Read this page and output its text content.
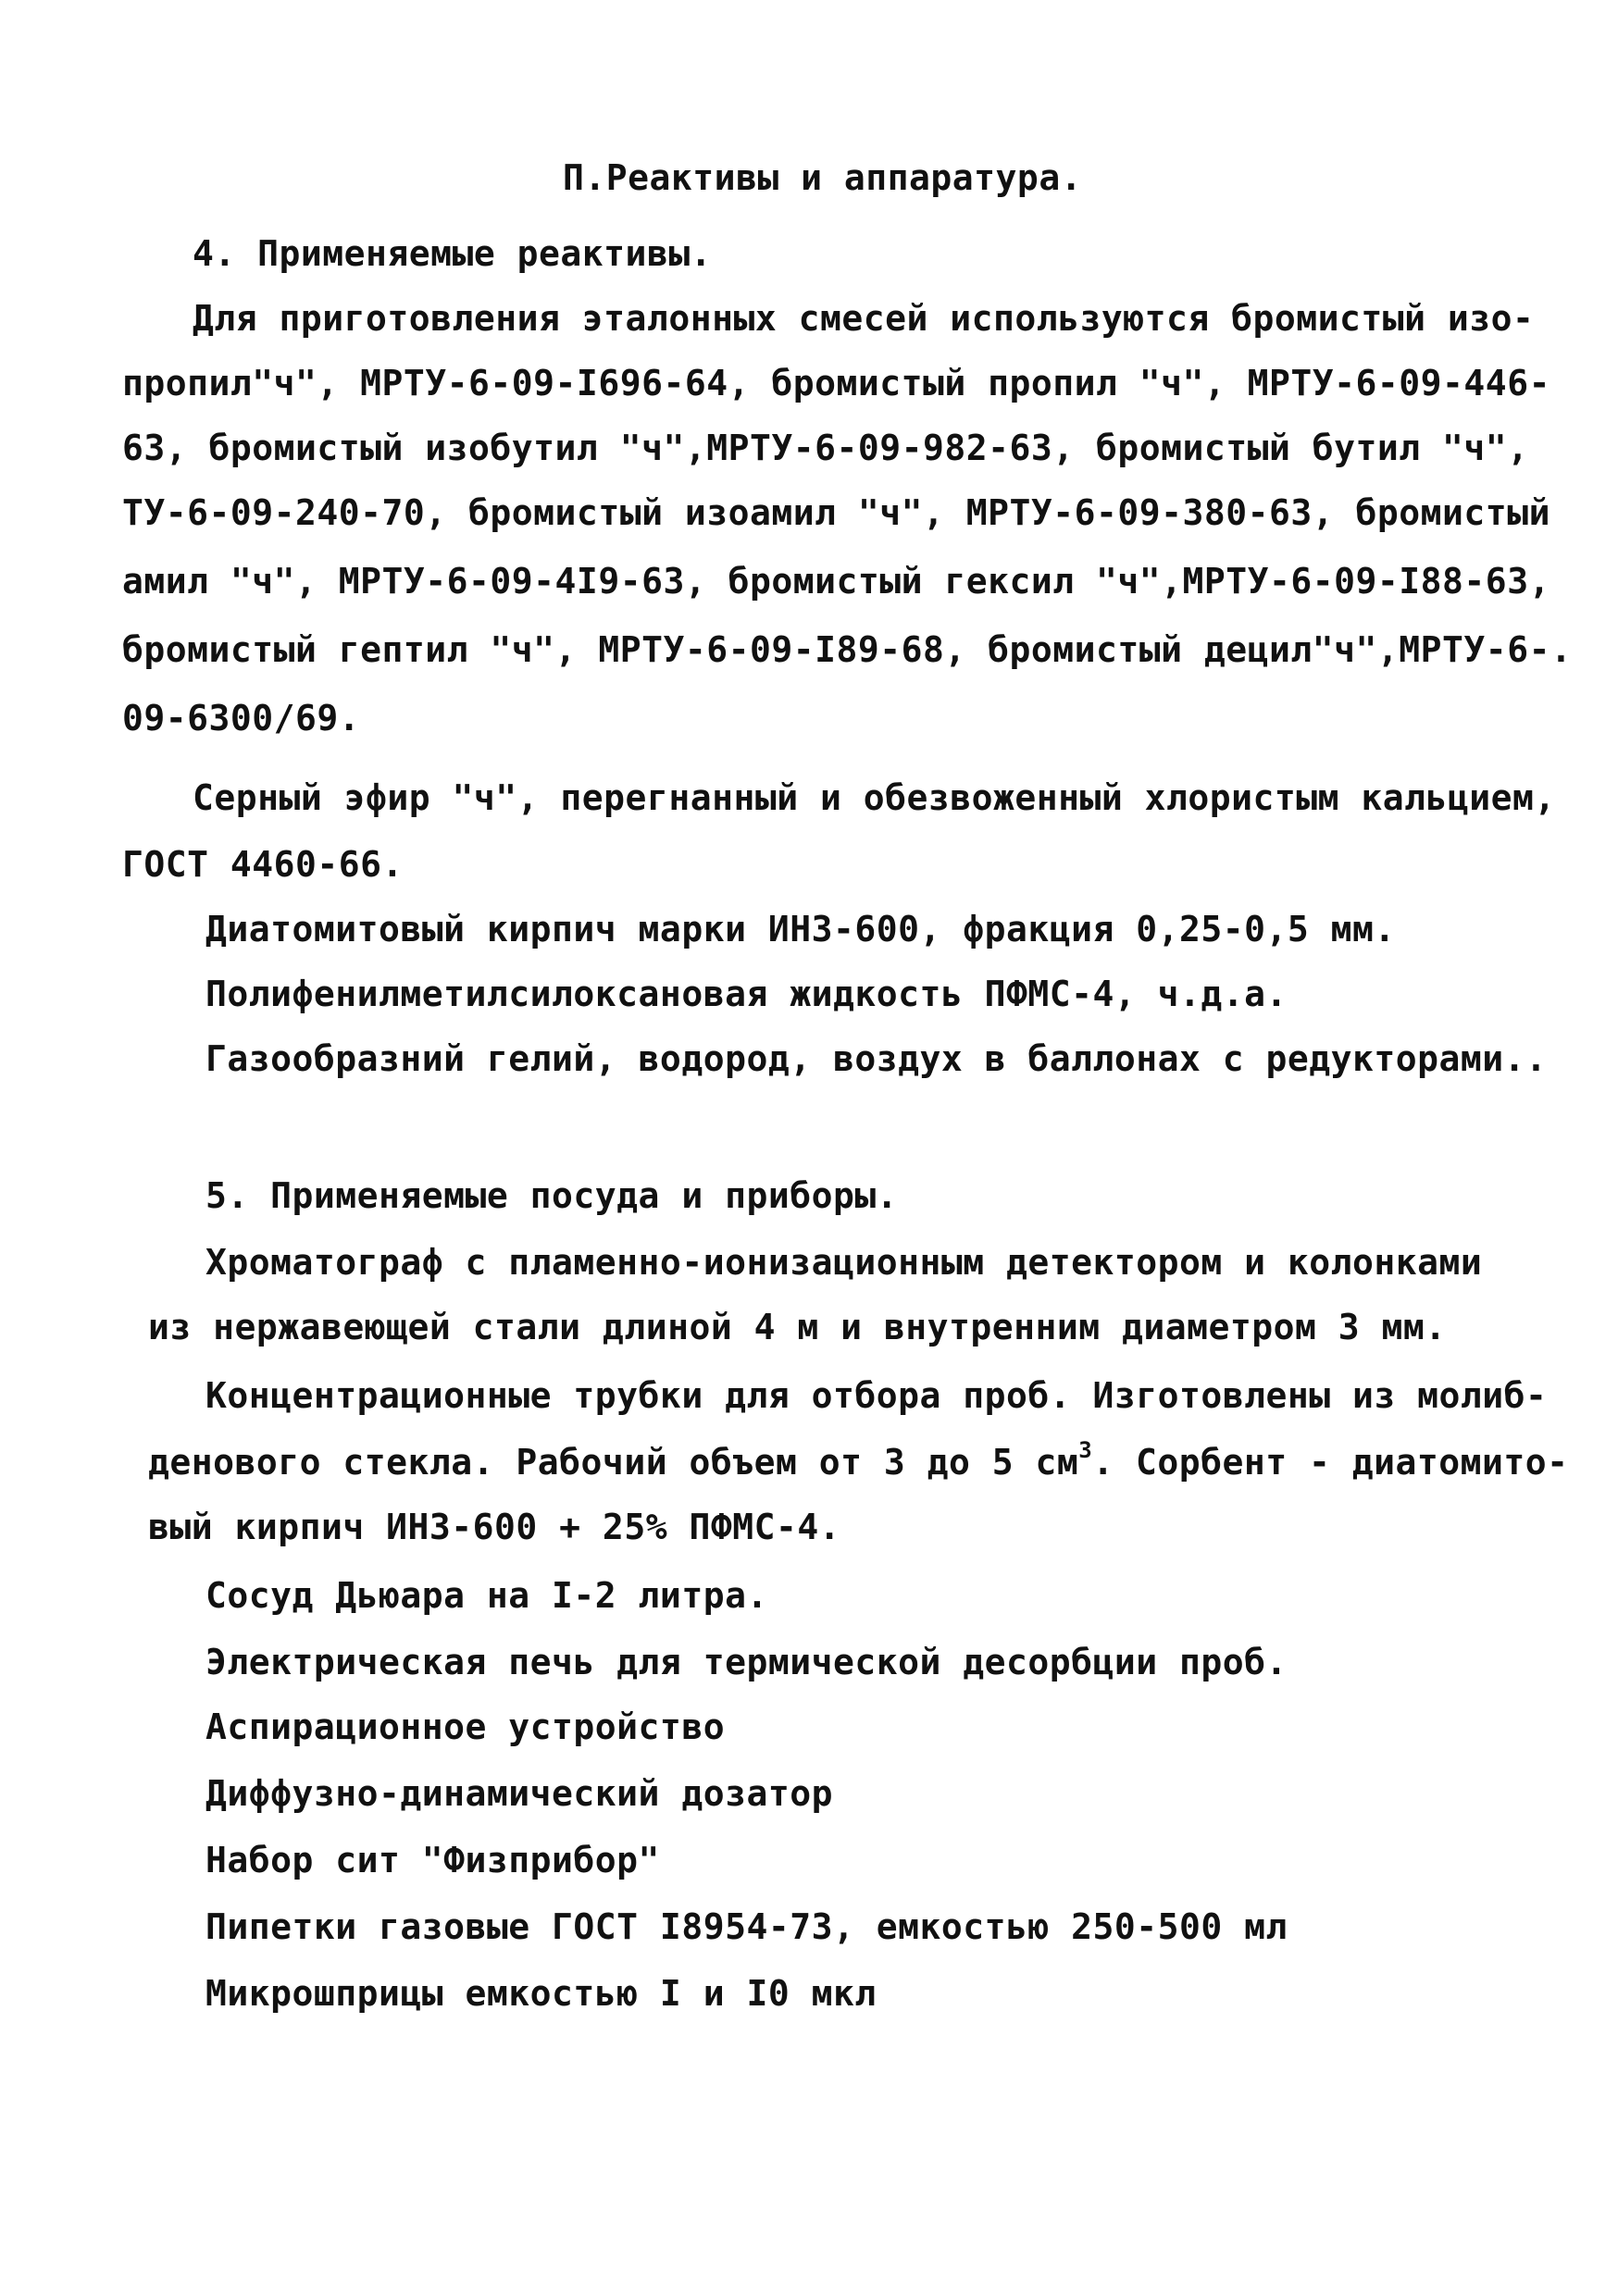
П.Реактивы и аппаратура.
4. Применяемые реактивы.
Для приготовления эталонных смесей используются бромистый изо-
пропил"ч", МРТУ-6-09-I696-64, бромистый пропил "ч", МРТУ-6-09-446-
63, бромистый изобутил "ч",МРТУ-6-09-982-63, бромистый бутил "ч",
ТУ-6-09-240-70, бромистый изоамил "ч", МРТУ-6-09-380-63, бромистый
амил "ч", МРТУ-6-09-4I9-63, бромистый гексил "ч",МРТУ-6-09-I88-63,
бромистый гептил "ч", МРТУ-6-09-I89-68, бромистый децил"ч",МРТУ-6-.
09-6300/69.
Серный эфир "ч", перегнанный и обезвоженный хлористым кальцием,
ГОСТ 4460-66.
Диатомитовый кирпич марки ИНЗ-600, фракция 0,25-0,5 мм.
Полифенилметилсилоксановая жидкость ПФМС-4, ч.д.а.
Газообразний гелий, водород, воздух в баллонах с редукторами..
5. Применяемые посуда и приборы.
Хроматограф с пламенно-ионизационным детектором и колонками
из нержавеющей стали длиной 4 м и внутренним диаметром 3 мм.
Концентрационные трубки для отбора проб. Изготовлены из молиб-
денового стекла. Рабочий объем от 3 до 5 $см^3$. Сорбент - диатомито-
вый кирпич ИНЗ-600 + 25% ПФМС-4.
Сосуд Дьюара на I-2 литра.
Электрическая печь для термической десорбции проб.
Аспирационное устройство
Диффузно-динамический дозатор
Набор сит "Физприбор"
Пипетки газовые ГОСТ I8954-73, емкостью 250-500 мл
Микрошприцы емкостью I и I0 мкл
